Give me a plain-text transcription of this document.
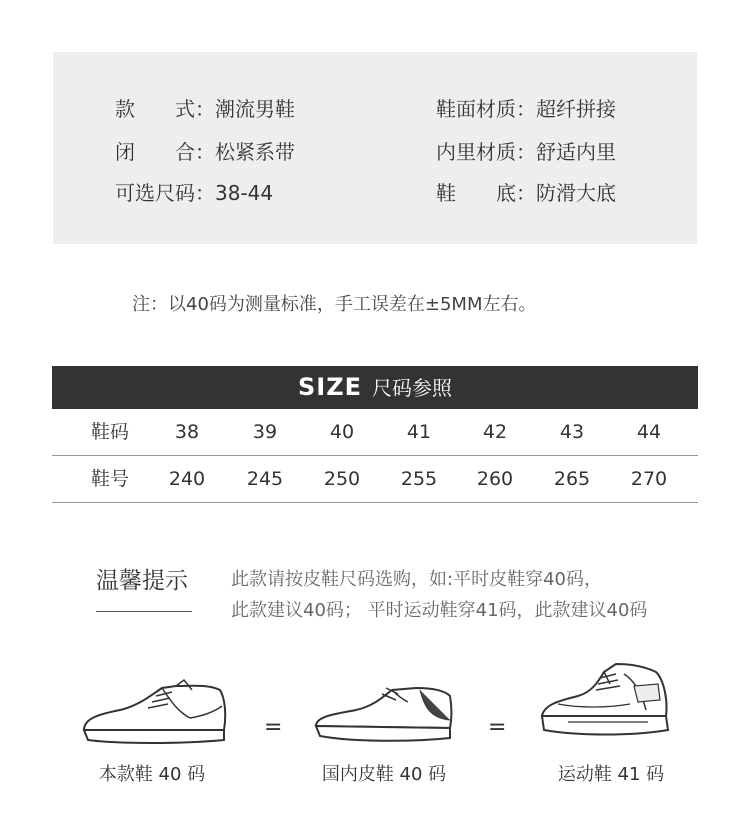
款　　式：潮流男鞋
闭　　合：松紧系带
可选尺码：38-44
鞋面材质：超纤拼接
内里材质：舒适内里
鞋　　底：防滑大底
注：以40码为测量标准，手工误差在±5MM左右。
SIZE 尺码参照
鞋码 38	39	40	41	42	43	44
鞋号 240 245 250 255 260 265 270
温馨提示 此款请按皮鞋尺码选购，如:平时皮鞋穿40码，
此款建议40码； 平时运动鞋穿41码，此款建议40码
=	=
本款鞋 40 码	国内皮鞋 40 码	运动鞋 41 码
